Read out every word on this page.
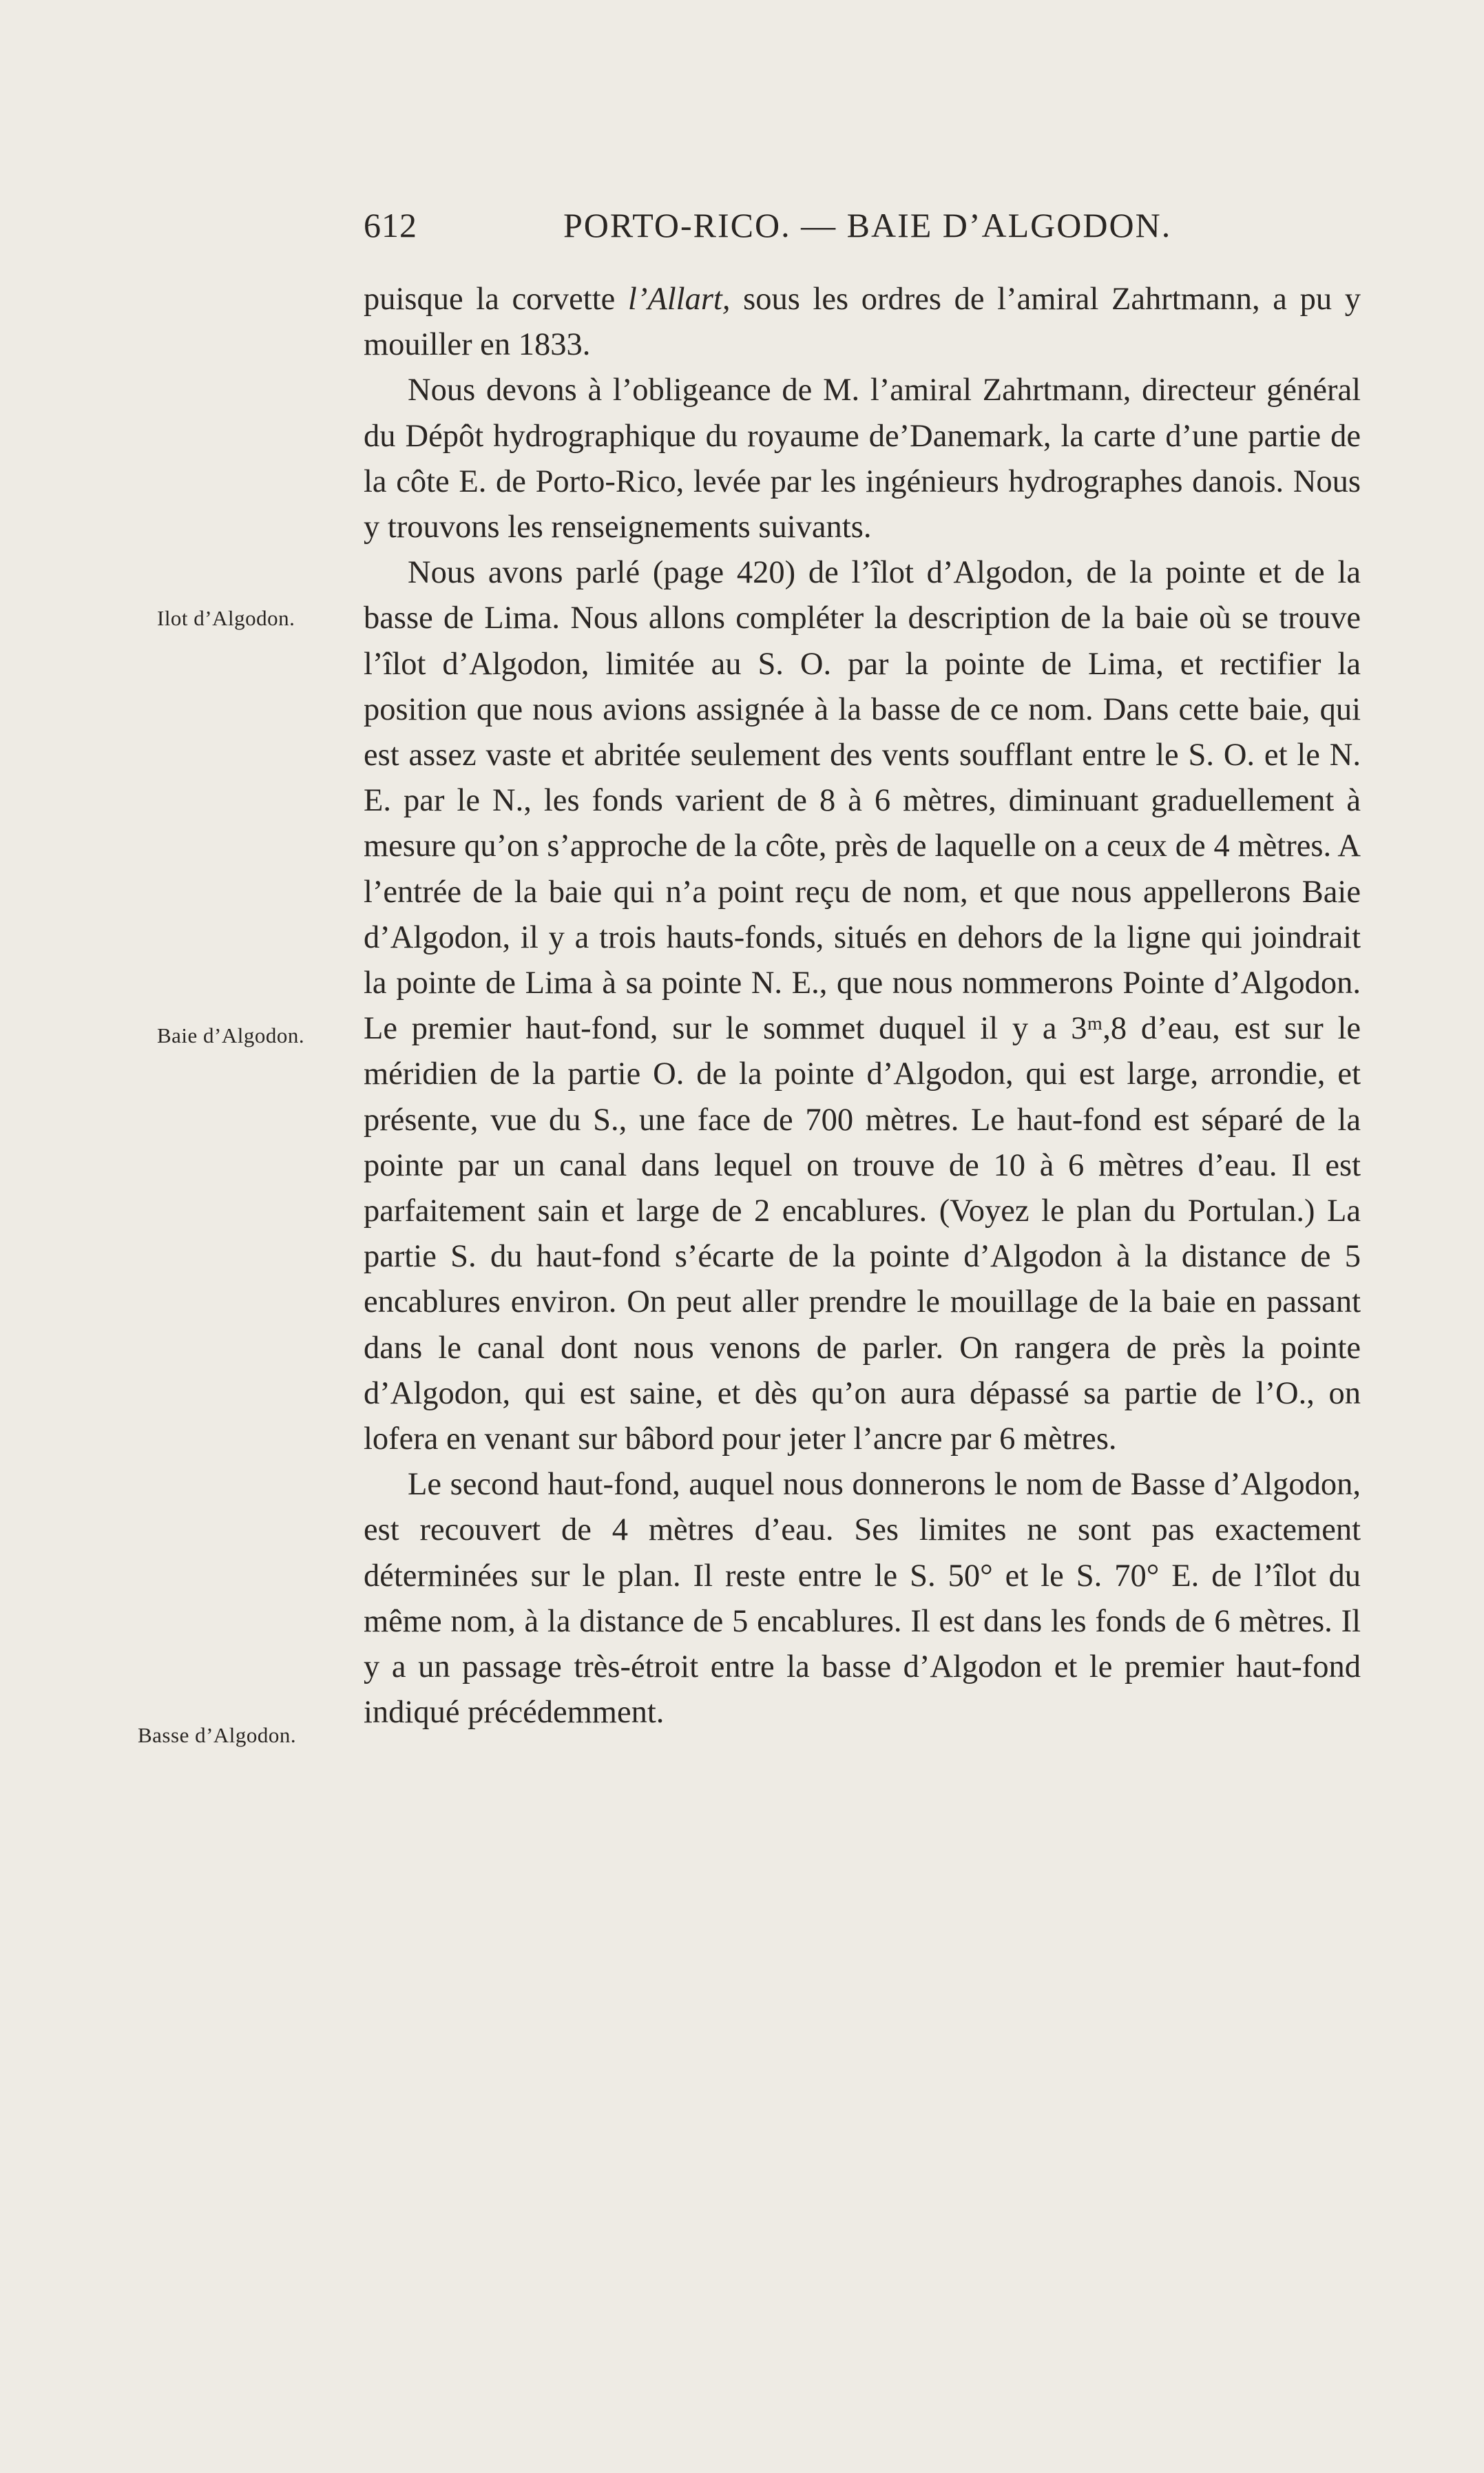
612	PORTO-RICO. — BAIE D’ALGODON.
Ilot d’Algodon.
Baie d’Algodon.
Basse d’Algodon.

puisque la corvette l’Allart, sous les ordres de l’amiral Zahrtmann, a pu y mouiller en 1833.

Nous devons à l’obligeance de M. l’amiral Zahrtmann, directeur général du Dépôt hydrographique du royaume de’Danemark, la carte d’une partie de la côte E. de Porto-Rico, levée par les ingénieurs hydrographes danois. Nous y trouvons les renseignements suivants.

Nous avons parlé (page 420) de l’îlot d’Algodon, de la pointe et de la basse de Lima. Nous allons compléter la description de la baie où se trouve l’îlot d’Algodon, limitée au S. O. par la pointe de Lima, et rectifier la position que nous avions assignée à la basse de ce nom. Dans cette baie, qui est assez vaste et abritée seulement des vents soufflant entre le S. O. et le N. E. par le N., les fonds varient de 8 à 6 mètres, diminuant graduellement à mesure qu’on s’approche de la côte, près de laquelle on a ceux de 4 mètres. A l’entrée de la baie qui n’a point reçu de nom, et que nous appellerons Baie d’Algodon, il y a trois hauts-fonds, situés en dehors de la ligne qui joindrait la pointe de Lima à sa pointe N. E., que nous nommerons Pointe d’Algodon. Le premier haut-fond, sur le sommet duquel il y a 3ᵐ,8 d’eau, est sur le méridien de la partie O. de la pointe d’Algodon, qui est large, arrondie, et présente, vue du S., une face de 700 mètres. Le haut-fond est séparé de la pointe par un canal dans lequel on trouve de 10 à 6 mètres d’eau. Il est parfaitement sain et large de 2 encablures. (Voyez le plan du Portulan.) La partie S. du haut-fond s’écarte de la pointe d’Algodon à la distance de 5 encablures environ. On peut aller prendre le mouillage de la baie en passant dans le canal dont nous venons de parler. On rangera de près la pointe d’Algodon, qui est saine, et dès qu’on aura dépassé sa partie de l’O., on lofera en venant sur bâbord pour jeter l’ancre par 6 mètres.

Le second haut-fond, auquel nous donnerons le nom de Basse d’Algodon, est recouvert de 4 mètres d’eau. Ses limites ne sont pas exactement déterminées sur le plan. Il reste entre le S. 50° et le S. 70° E. de l’îlot du même nom, à la distance de 5 encablures. Il est dans les fonds de 6 mètres. Il y a un passage très-étroit entre la basse d’Algodon et le premier haut-fond indiqué précédemment.
